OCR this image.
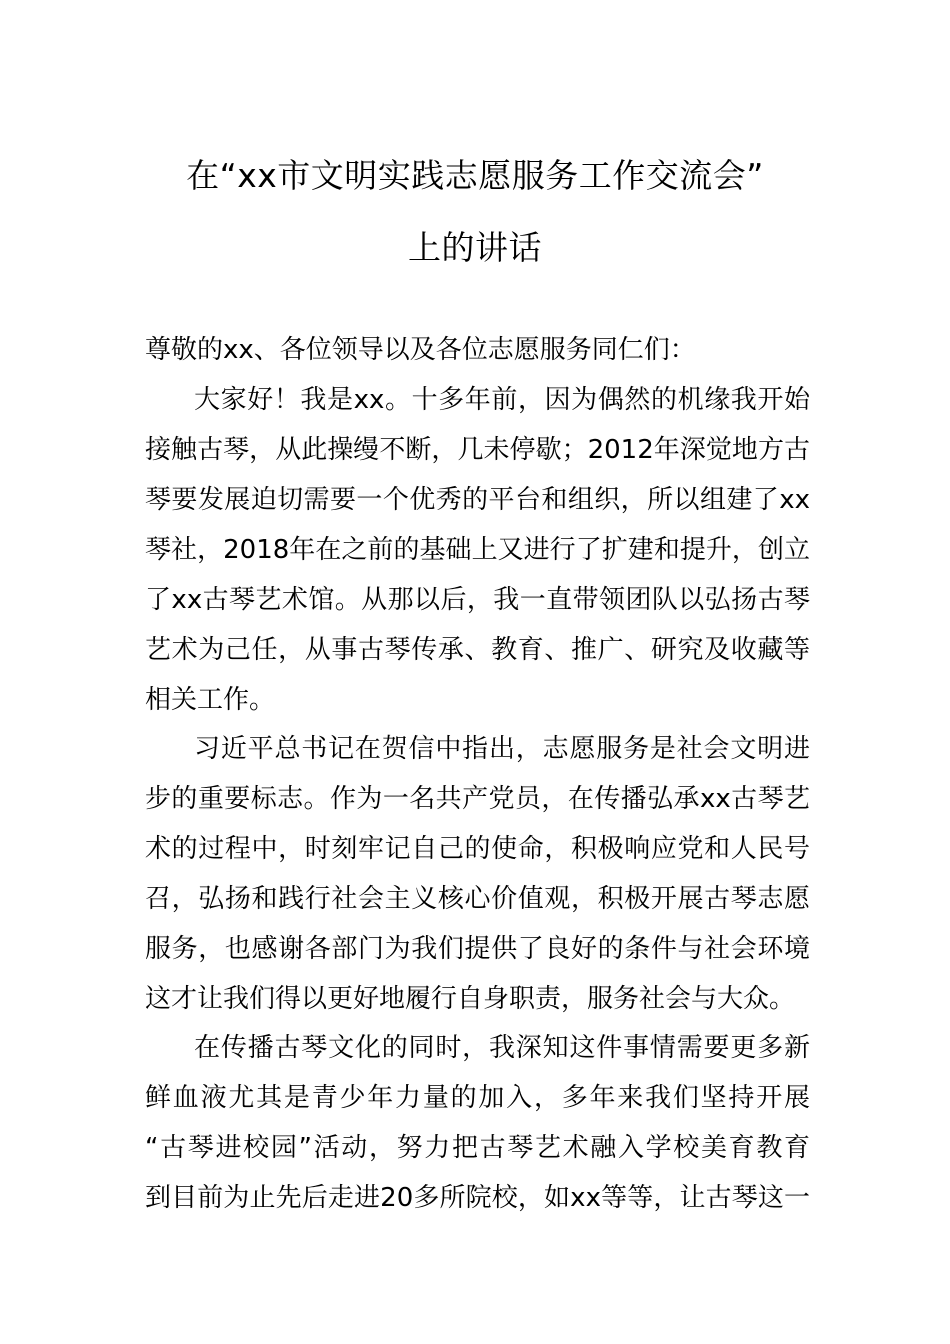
在“xx市文明实践志愿服务工作交流会”
上的讲话
尊敬的xx、各位领导以及各位志愿服务同仁们：
大家好！我是xx。十多年前，因为偶然的机缘我开始
接触古琴，从此操缦不断，几未停歇；2012年深觉地方古
琴要发展迫切需要一个优秀的平台和组织，所以组建了xx
琴社，2018年在之前的基础上又进行了扩建和提升，创立
了xx古琴艺术馆。从那以后，我一直带领团队以弘扬古琴
艺术为己任，从事古琴传承、教育、推广、研究及收藏等
相关工作。
习近平总书记在贺信中指出，志愿服务是社会文明进
步的重要标志。作为一名共产党员，在传播弘承xx古琴艺
术的过程中，时刻牢记自己的使命，积极响应党和人民号
召，弘扬和践行社会主义核心价值观，积极开展古琴志愿
服务，也感谢各部门为我们提供了良好的条件与社会环境
这才让我们得以更好地履行自身职责，服务社会与大众。
在传播古琴文化的同时，我深知这件事情需要更多新
鲜血液尤其是青少年力量的加入，多年来我们坚持开展
“古琴进校园”活动，努力把古琴艺术融入学校美育教育
到目前为止先后走进20多所院校，如xx等等，让古琴这一
